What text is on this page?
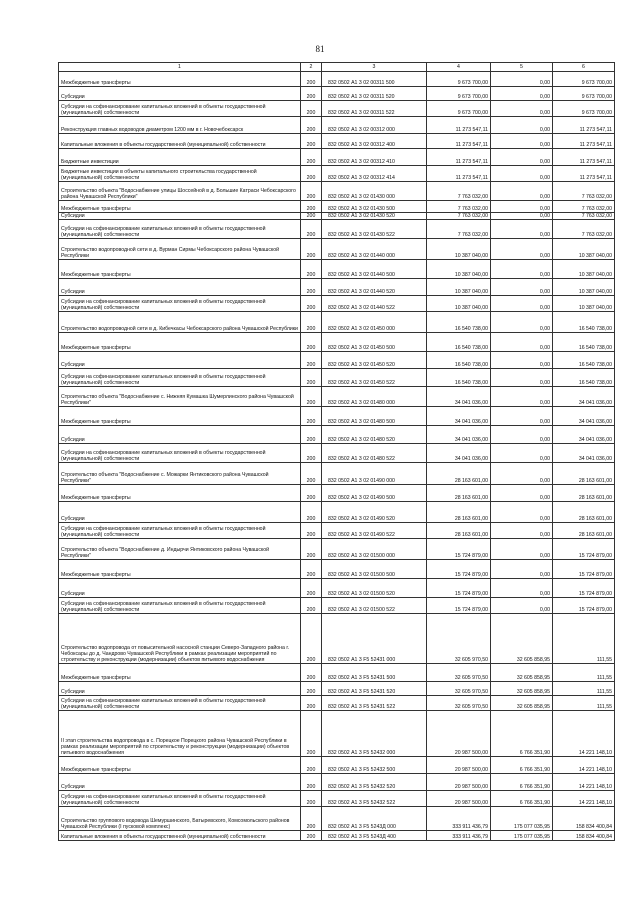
81
1	2	3	4	5	6
Межбюджетные трансферты	200	832 0502 А1 3 02 00311 500	9 673 700,00	0,00	9 673 700,00
Субсидии	200	832 0502 А1 3 02 00311 520	9 673 700,00	0,00	9 673 700,00
Субсидии на софинансирование капитальных вложений в объекты государственной (муниципальной) собственности	200	832 0502 А1 3 02 00311 522	9 673 700,00	0,00	9 673 700,00
Реконструкция главных водоводов диаметром 1200 мм в г. Новочебоксарск	200	832 0502 А1 3 02 00312 000	11 273 547,11	0,00	11 273 547,11
Капитальные вложения в объекты государственной (муниципальной) собственности	200	832 0502 А1 3 02 00312 400	11 273 547,11	0,00	11 273 547,11
Бюджетные инвестиции	200	832 0502 А1 3 02 00312 410	11 273 547,11	0,00	11 273 547,11
Бюджетные инвестиции в объекты капитального строительства государственной (муниципальной) собственности	200	832 0502 А1 3 02 00312 414	11 273 547,11	0,00	11 273 547,11
Строительство объекта "Водоснабжение улицы Шоссейной в д. Большие Катраси Чебоксарского района Чувашской Республики"	200	832 0502 А1 3 02 01430 000	7 763 032,00	0,00	7 763 032,00
Межбюджетные трансферты	200	832 0502 А1 3 02 01430 500	7 763 032,00	0,00	7 763 032,00
Субсидии	200	832 0502 А1 3 02 01430 520	7 763 032,00	0,00	7 763 032,00
Субсидии на софинансирование капитальных вложений в объекты государственной (муниципальной) собственности	200	832 0502 А1 3 02 01430 522	7 763 032,00	0,00	7 763 032,00
Строительство водопроводной сети в д. Вурман Сирмы Чебоксарского района Чувашской Республики	200	832 0502 А1 3 02 01440 000	10 387 040,00	0,00	10 387 040,00
Межбюджетные трансферты	200	832 0502 А1 3 02 01440 500	10 387 040,00	0,00	10 387 040,00
Субсидии	200	832 0502 А1 3 02 01440 520	10 387 040,00	0,00	10 387 040,00
Субсидии на софинансирование капитальных вложений в объекты государственной (муниципальной) собственности	200	832 0502 А1 3 02 01440 522	10 387 040,00	0,00	10 387 040,00
Строительство водопроводной сети в д. Кибечкасы Чебоксарского района Чувашской Республики	200	832 0502 А1 3 02 01450 000	16 540 738,00	0,00	16 540 738,00
Межбюджетные трансферты	200	832 0502 А1 3 02 01450 500	16 540 738,00	0,00	16 540 738,00
Субсидии	200	832 0502 А1 3 02 01450 520	16 540 738,00	0,00	16 540 738,00
Субсидии на софинансирование капитальных вложений в объекты государственной (муниципальной) собственности	200	832 0502 А1 3 02 01450 522	16 540 738,00	0,00	16 540 738,00
Строительство объекта "Водоснабжение с. Нижняя Кумашка Шумерлинского района Чувашской Республики"	200	832 0502 А1 3 02 01480 000	34 041 036,00	0,00	34 041 036,00
Межбюджетные трансферты	200	832 0502 А1 3 02 01480 500	34 041 036,00	0,00	34 041 036,00
Субсидии	200	832 0502 А1 3 02 01480 520	34 041 036,00	0,00	34 041 036,00
Субсидии на софинансирование капитальных вложений в объекты государственной (муниципальной) собственности	200	832 0502 А1 3 02 01480 522	34 041 036,00	0,00	34 041 036,00
Строительство объекта "Водоснабжение с. Можарки Янтиковского района Чувашской Республики"	200	832 0502 А1 3 02 01490 000	28 163 601,00	0,00	28 163 601,00
Межбюджетные трансферты	200	832 0502 А1 3 02 01490 500	28 163 601,00	0,00	28 163 601,00
Субсидии	200	832 0502 А1 3 02 01490 520	28 163 601,00	0,00	28 163 601,00
Субсидии на софинансирование капитальных вложений в объекты государственной (муниципальной) собственности	200	832 0502 А1 3 02 01490 522	28 163 601,00	0,00	28 163 601,00
Строительство объекта "Водоснабжение д. Индырчи Янтиковского района Чувашской Республики"	200	832 0502 А1 3 02 01500 000	15 724 879,00	0,00	15 724 879,00
Межбюджетные трансферты	200	832 0502 А1 3 02 01500 500	15 724 879,00	0,00	15 724 879,00
Субсидии	200	832 0502 А1 3 02 01500 520	15 724 879,00	0,00	15 724 879,00
Субсидии на софинансирование капитальных вложений в объекты государственной (муниципальной) собственности	200	832 0502 А1 3 02 01500 522	15 724 879,00	0,00	15 724 879,00
Строительство водопровода от повысительной насосной станции Северо-Западного района г. Чебоксары до д. Чандрово Чувашской Республики в рамках реализации мероприятий по строительству и реконструкции (модернизации) объектов питьевого водоснабжения	200	832 0502 А1 3 F5 52431 000	32 605 970,50	32 605 858,95	111,55
Межбюджетные трансферты	200	832 0502 А1 3 F5 52431 500	32 605 970,50	32 605 858,95	111,55
Субсидии	200	832 0502 А1 3 F5 52431 520	32 605 970,50	32 605 858,95	111,55
Субсидии на софинансирование капитальных вложений в объекты государственной (муниципальной) собственности	200	832 0502 А1 3 F5 52431 522	32 605 970,50	32 605 858,95	111,55
II этап строительства водопровода в с. Порецкое Порецкого района Чувашской Республики в рамках реализации мероприятий по строительству и реконструкции (модернизации) объектов питьевого водоснабжения	200	832 0502 А1 3 F5 52432 000	20 987 500,00	6 766 351,90	14 221 148,10
Межбюджетные трансферты	200	832 0502 А1 3 F5 52432 500	20 987 500,00	6 766 351,90	14 221 148,10
Субсидии	200	832 0502 А1 3 F5 52432 520	20 987 500,00	6 766 351,90	14 221 148,10
Субсидии на софинансирование капитальных вложений в объекты государственной (муниципальной) собственности	200	832 0502 А1 3 F5 52432 522	20 987 500,00	6 766 351,90	14 221 148,10
Строительство группового водовода Шемуршинского, Батыревского, Комсомольского районов Чувашской Республики (I пусковой комплекс)	200	832 0502 А1 3 F5 5243Д 000	333 911 436,79	175 077 035,95	158 834 400,84
Капитальные вложения в объекты государственной (муниципальной) собственности	200	832 0502 А1 3 F5 5243Д 400	333 911 436,79	175 077 035,95	158 834 400,84
